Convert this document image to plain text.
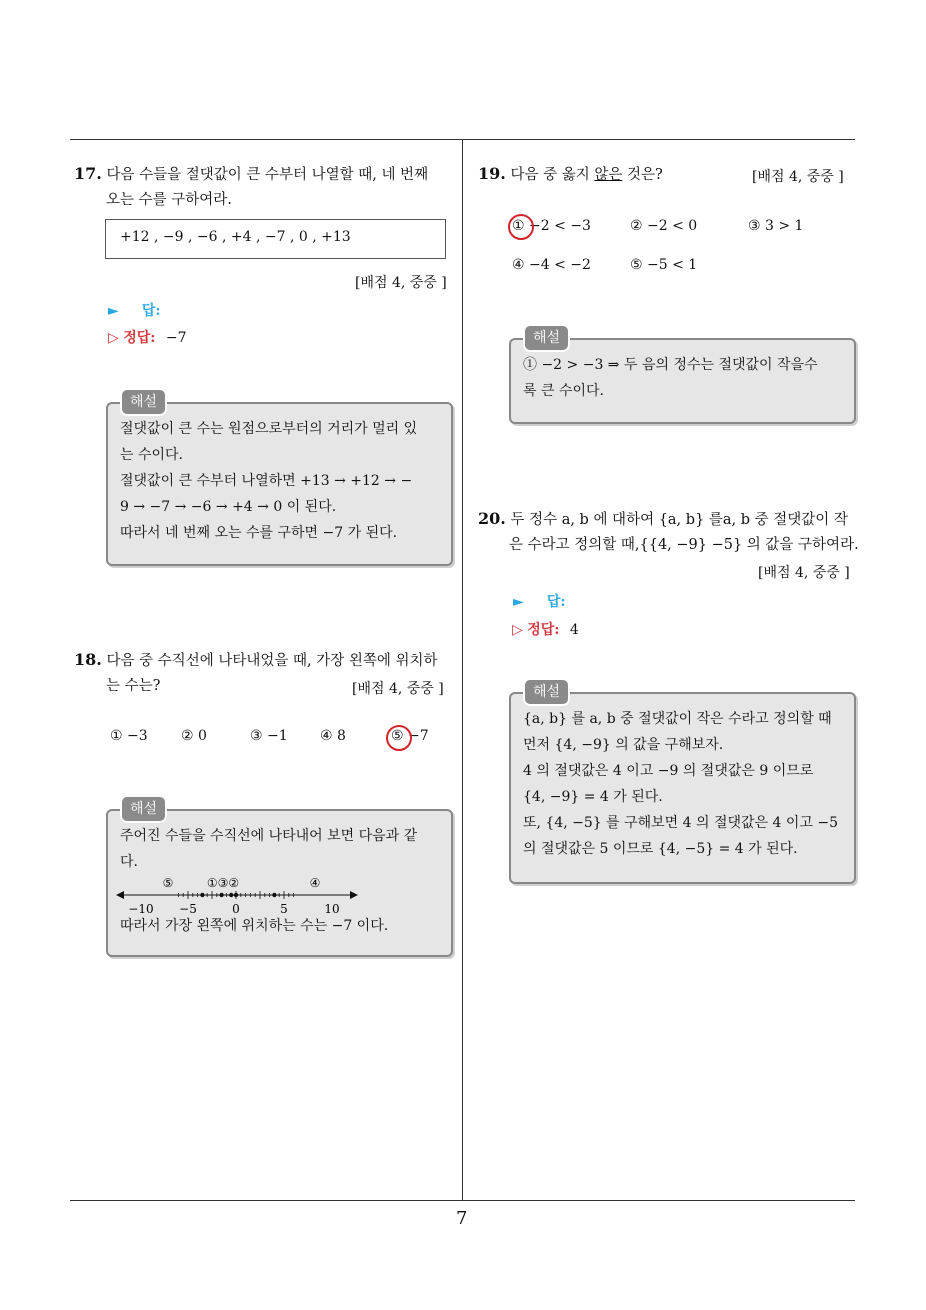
7
17. 다음 수들을 절댓값이 큰 수부터 나열할 때, 네 번째
오는 수를 구하여라.
+12 , −9 , −6 , +4 , −7 , 0 , +13
[배점 4, 중중 ]
► 답:
▷ 정답: −7
해설
절댓값이 큰 수는 원점으로부터의 거리가 멀리 있
는 수이다.
절댓값이 큰 수부터 나열하면 +13 → +12 → −
9 → −7 → −6 → +4 → 0 이 된다.
따라서 네 번째 오는 수를 구하면 −7 가 된다.
18. 다음 중 수직선에 나타내었을 때, 가장 왼쪽에 위치하
는 수는?	[배점 4, 중중 ]
① −3 ② 0	③ −1 ④ 8	⑤ −7
해설
주어진 수들을 수직선에 나타내어 보면 다음과 같
다.
⑤	①③②	④
−10 −5	0	5	10
따라서 가장 왼쪽에 위치하는 수는 −7 이다.
19. 다음 중 옳지 않은 것은?	[배점 4, 중중 ]
① −2 < −3	② −2 < 0	③ 3 > 1
④ −4 < −2	⑤ −5 < 1
해설
① −2 > −3 ⇒ 두 음의 정수는 절댓값이 작을수
록 큰 수이다.
20. 두 정수 a, b 에 대하여 {a, b} 를a, b 중 절댓값이 작
은 수라고 정의할 때,{{4, −9} −5} 의 값을 구하여라.
[배점 4, 중중 ]
► 답:
▷ 정답: 4
해설
{a, b} 를 a, b 중 절댓값이 작은 수라고 정의할 때
먼저 {4, −9} 의 값을 구해보자.
4 의 절댓값은 4 이고 −9 의 절댓값은 9 이므로
{4, −9} = 4 가 된다.
또, {4, −5} 를 구해보면 4 의 절댓값은 4 이고 −5
의 절댓값은 5 이므로 {4, −5} = 4 가 된다.
